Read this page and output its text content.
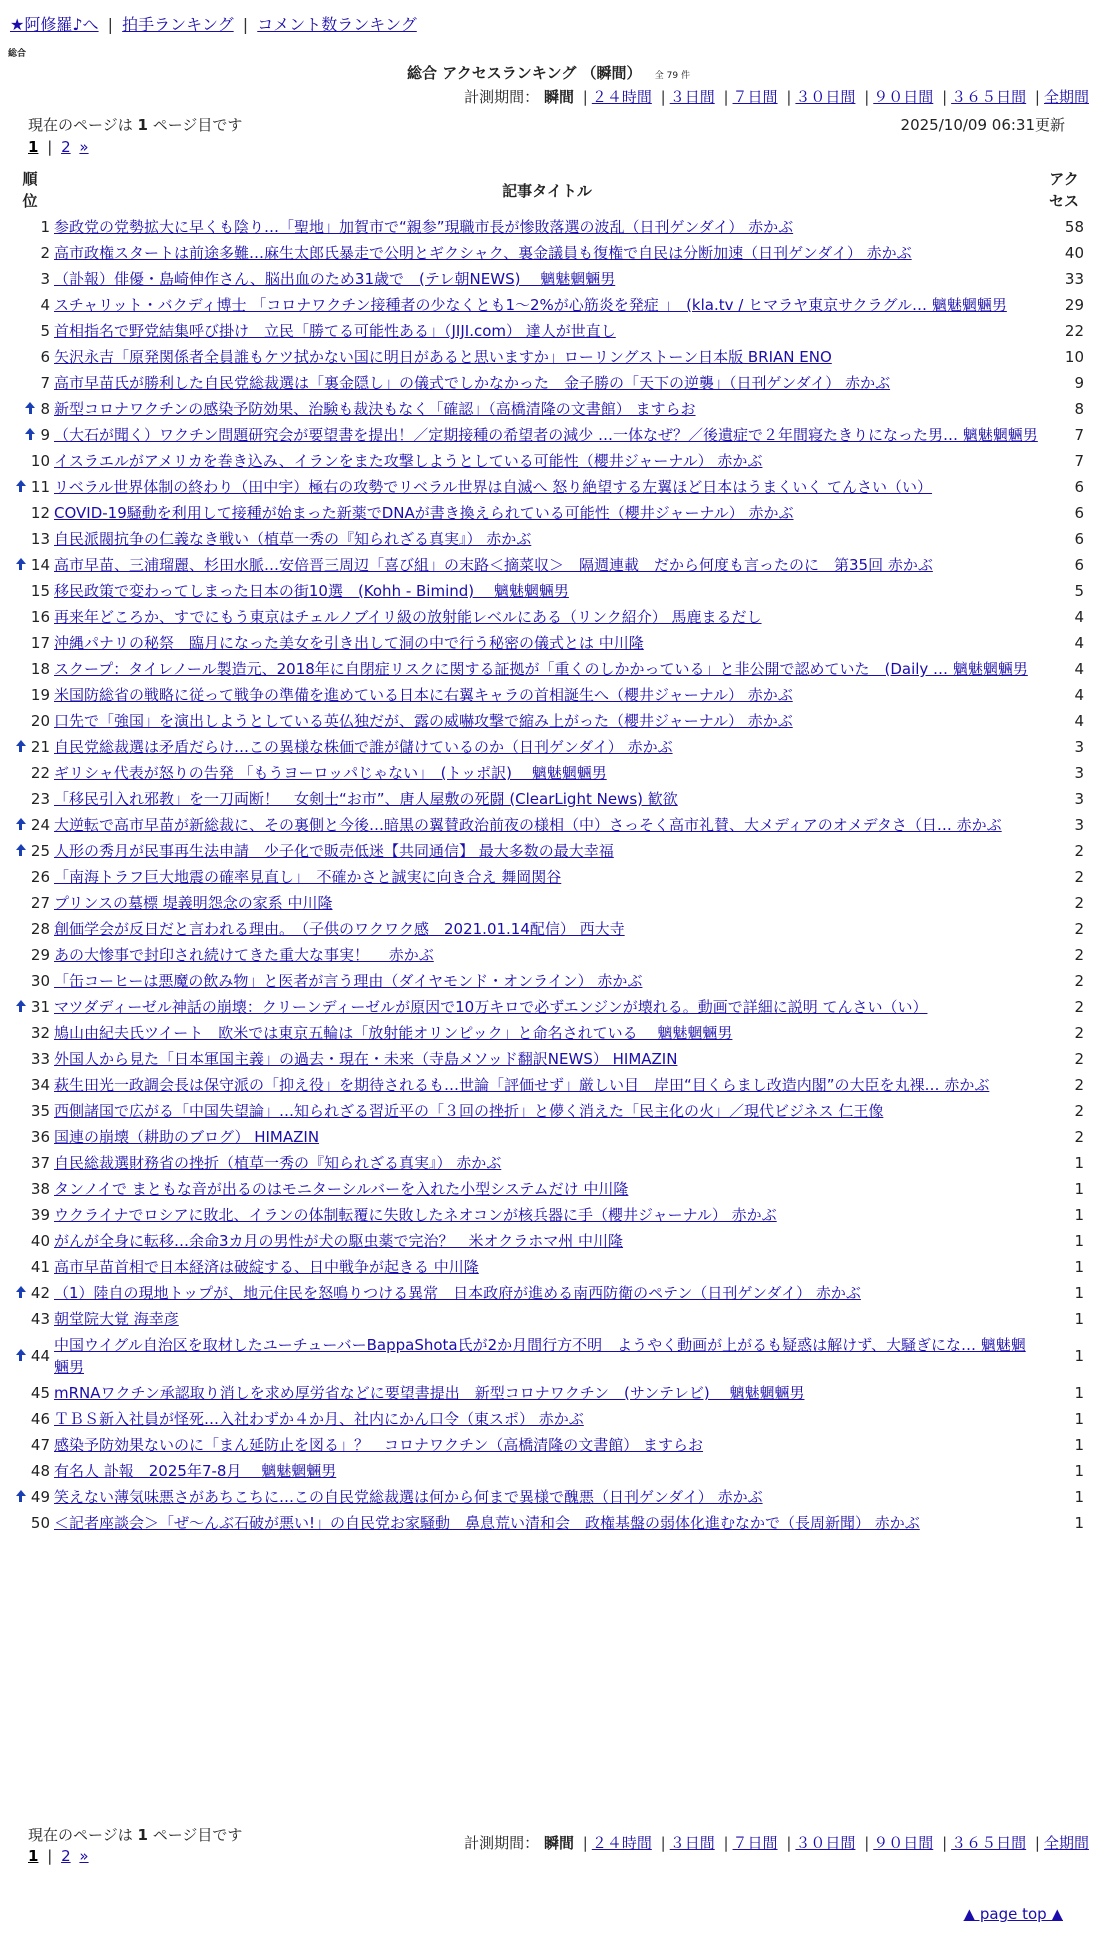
★阿修羅♪へ | 拍手ランキング | コメント数ランキング
総合
総合 アクセスランキング （瞬間） 全 79 件
計測期間： 瞬間 | ２４時間 | ３日間 | ７日間 | ３０日間 | ９０日間 | ３６５日間 | 全期間
現在のページは 1 ページ目です	2025/10/09 06:31更新
1 | 2 »
順位	記事タイトル	アクセス
1	参政党の党勢拡大に早くも陰り…「聖地」加賀市で“親参”現職市長が惨敗落選の波乱（日刊ゲンダイ） 赤かぶ	58
2	高市政権スタートは前途多難…麻生太郎氏暴走で公明とギクシャク、裏金議員も復権で自民は分断加速（日刊ゲンダイ） 赤かぶ	40
3	（訃報）俳優・島崎伸作さん、脳出血のため31歳で　(テレ朝NEWS)　 魑魅魍魎男	33
4	スチャリット・バクディ博士 「コロナワクチン接種者の少なくとも1～2%が心筋炎を発症 」　(kla.tv / ヒマラヤ東京サクラグル… 魑魅魍魎男	29
5	首相指名で野党結集呼び掛け　立民「勝てる可能性ある」（JIJI.com） 達人が世直し	22
6	矢沢永吉「原発関係者全員誰もケツ拭かない国に明日があると思いますか」ローリングストーン日本版 BRIAN ENO	10
7	高市早苗氏が勝利した自民党総裁選は「裏金隠し」の儀式でしかなかった　金子勝の「天下の逆襲」（日刊ゲンダイ） 赤かぶ	9

8	新型コロナワクチンの感染予防効果、治験も裁決もなく「確認」（高橋清隆の文書館） ますらお	8

9	（大石が聞く）ワクチン問題研究会が要望書を提出！／定期接種の希望者の減少 …一体なぜ？／後遺症で２年間寝たきりになった男… 魑魅魍魎男	7
10	イスラエルがアメリカを巻き込み、イランをまた攻撃しようとしている可能性（櫻井ジャーナル） 赤かぶ	7

11	リベラル世界体制の終わり（田中宇）極右の攻勢でリベラル世界は自滅へ 怒り絶望する左翼ほど日本はうまくいく てんさい（い）	6
12	COVID-19騒動を利用して接種が始まった新薬でDNAが書き換えられている可能性（櫻井ジャーナル） 赤かぶ	6
13	自民派閥抗争の仁義なき戦い（植草一秀の『知られざる真実』） 赤かぶ	6

14	高市早苗、三浦瑠麗、杉田水脈…安倍晋三周辺「喜び組」の末路＜摘菜収＞　隔週連載　だから何度も言ったのに　第35回 赤かぶ	6
15	移民政策で変わってしまった日本の街10選　(Kohh - Bimind)　 魑魅魍魎男	5
16	再来年どころか、すでにもう東京はチェルノブイリ級の放射能レベルにある（リンク紹介） 馬鹿まるだし	4
17	沖縄パナリの秘祭　臨月になった美女を引き出して洞の中で行う秘密の儀式とは 中川隆	4
18	スクープ：タイレノール製造元、2018年に自閉症リスクに関する証拠が「重くのしかかっている」と非公開で認めていた　(Daily … 魑魅魍魎男	4
19	米国防総省の戦略に従って戦争の準備を進めている日本に右翼キャラの首相誕生へ（櫻井ジャーナル） 赤かぶ	4
20	口先で「強国」を演出しようとしている英仏独だが、露の威嚇攻撃で縮み上がった（櫻井ジャーナル） 赤かぶ	4

21	自民党総裁選は矛盾だらけ…この異様な株価で誰が儲けているのか（日刊ゲンダイ） 赤かぶ	3
22	ギリシャ代表が怒りの告発 「もうヨーロッパじゃない」　(トッポ訳)　 魑魅魍魎男	3
23	「移民引入れ邪教」を一刀両断！　女剣士“お市”、唐人屋敷の死闘 (ClearLight News) 歓欲	3

24	大逆転で高市早苗が新総裁に、その裏側と今後…暗黒の翼賛政治前夜の様相（中）さっそく高市礼賛、大メディアのオメデタさ（日… 赤かぶ	3

25	人形の秀月が民事再生法申請　少子化で販売低迷【共同通信】 最大多数の最大幸福	2
26	「南海トラフ巨大地震の確率見直し」　不確かさと誠実に向き合え 舞岡関谷	2
27	プリンスの墓標 堤義明怨念の家系 中川隆	2
28	創価学会が反日だと言われる理由。　（子供のワクワク感　2021.01.14配信） 西大寺	2
29	あの大惨事で封印され続けてきた重大な事実！　 赤かぶ	2
30	「缶コーヒーは悪魔の飲み物」と医者が言う理由（ダイヤモンド・オンライン） 赤かぶ	2

31	マツダディーゼル神話の崩壊：クリーンディーゼルが原因で10万キロで必ずエンジンが壊れる。動画で詳細に説明 てんさい（い）	2
32	鳩山由紀夫氏ツイート　欧米では東京五輪は「放射能オリンピック」と命名されている　 魑魅魍魎男	2
33	外国人から見た「日本軍国主義」の過去・現在・未来（寺島メソッド翻訳NEWS） HIMAZIN	2
34	萩生田光一政調会長は保守派の「抑え役」を期待されるも…世論「評価せず」厳しい目　岸田“目くらまし改造内閣”の大臣を丸裸… 赤かぶ	2
35	西側諸国で広がる「中国失望論」…知られざる習近平の「３回の挫折」と儚く消えた「民主化の火」／現代ビジネス 仁王像	2
36	国連の崩壊（耕助のブログ） HIMAZIN	2
37	自民総裁選財務省の挫折（植草一秀の『知られざる真実』） 赤かぶ	1
38	タンノイで まともな音が出るのはモニターシルバーを入れた小型システムだけ 中川隆	1
39	ウクライナでロシアに敗北、イランの体制転覆に失敗したネオコンが核兵器に手（櫻井ジャーナル） 赤かぶ	1
40	がんが全身に転移…余命3カ月の男性が犬の駆虫薬で完治？　米オクラホマ州 中川隆	1
41	高市早苗首相で日本経済は破綻する、日中戦争が起きる 中川隆	1

42	（1）陸自の現地トップが、地元住民を怒鳴りつける異常　日本政府が進める南西防衛のペテン（日刊ゲンダイ） 赤かぶ	1
43	朝堂院大覚 海幸彦	1

44	中国ウイグル自治区を取材したユーチューバーBappaShota氏が2か月間行方不明　ようやく動画が上がるも疑惑は解けず、大騒ぎにな… 魑魅魍魎男	1
45	mRNAワクチン承認取り消しを求め厚労省などに要望書提出　新型コロナワクチン　(サンテレビ)　 魑魅魍魎男	1
46	ＴＢＳ新入社員が怪死…入社わずか４か月、社内にかん口令（東スポ） 赤かぶ	1
47	感染予防効果ないのに「まん延防止を図る」？　コロナワクチン（高橋清隆の文書館） ますらお	1
48	有名人 訃報　2025年7-8月　 魑魅魍魎男	1

49	笑えない薄気味悪さがあちこちに…この自民党総裁選は何から何まで異様で醜悪（日刊ゲンダイ） 赤かぶ	1
50	＜記者座談会＞「ぜ～んぶ石破が悪い!」の自民党お家騒動　鼻息荒い清和会　政権基盤の弱体化進むなかで（長周新聞） 赤かぶ	1
現在のページは 1 ページ目です
1 | 2 »
計測期間： 瞬間 | ２４時間 | ３日間 | ７日間 | ３０日間 | ９０日間 | ３６５日間 | 全期間
▲ page top ▲
